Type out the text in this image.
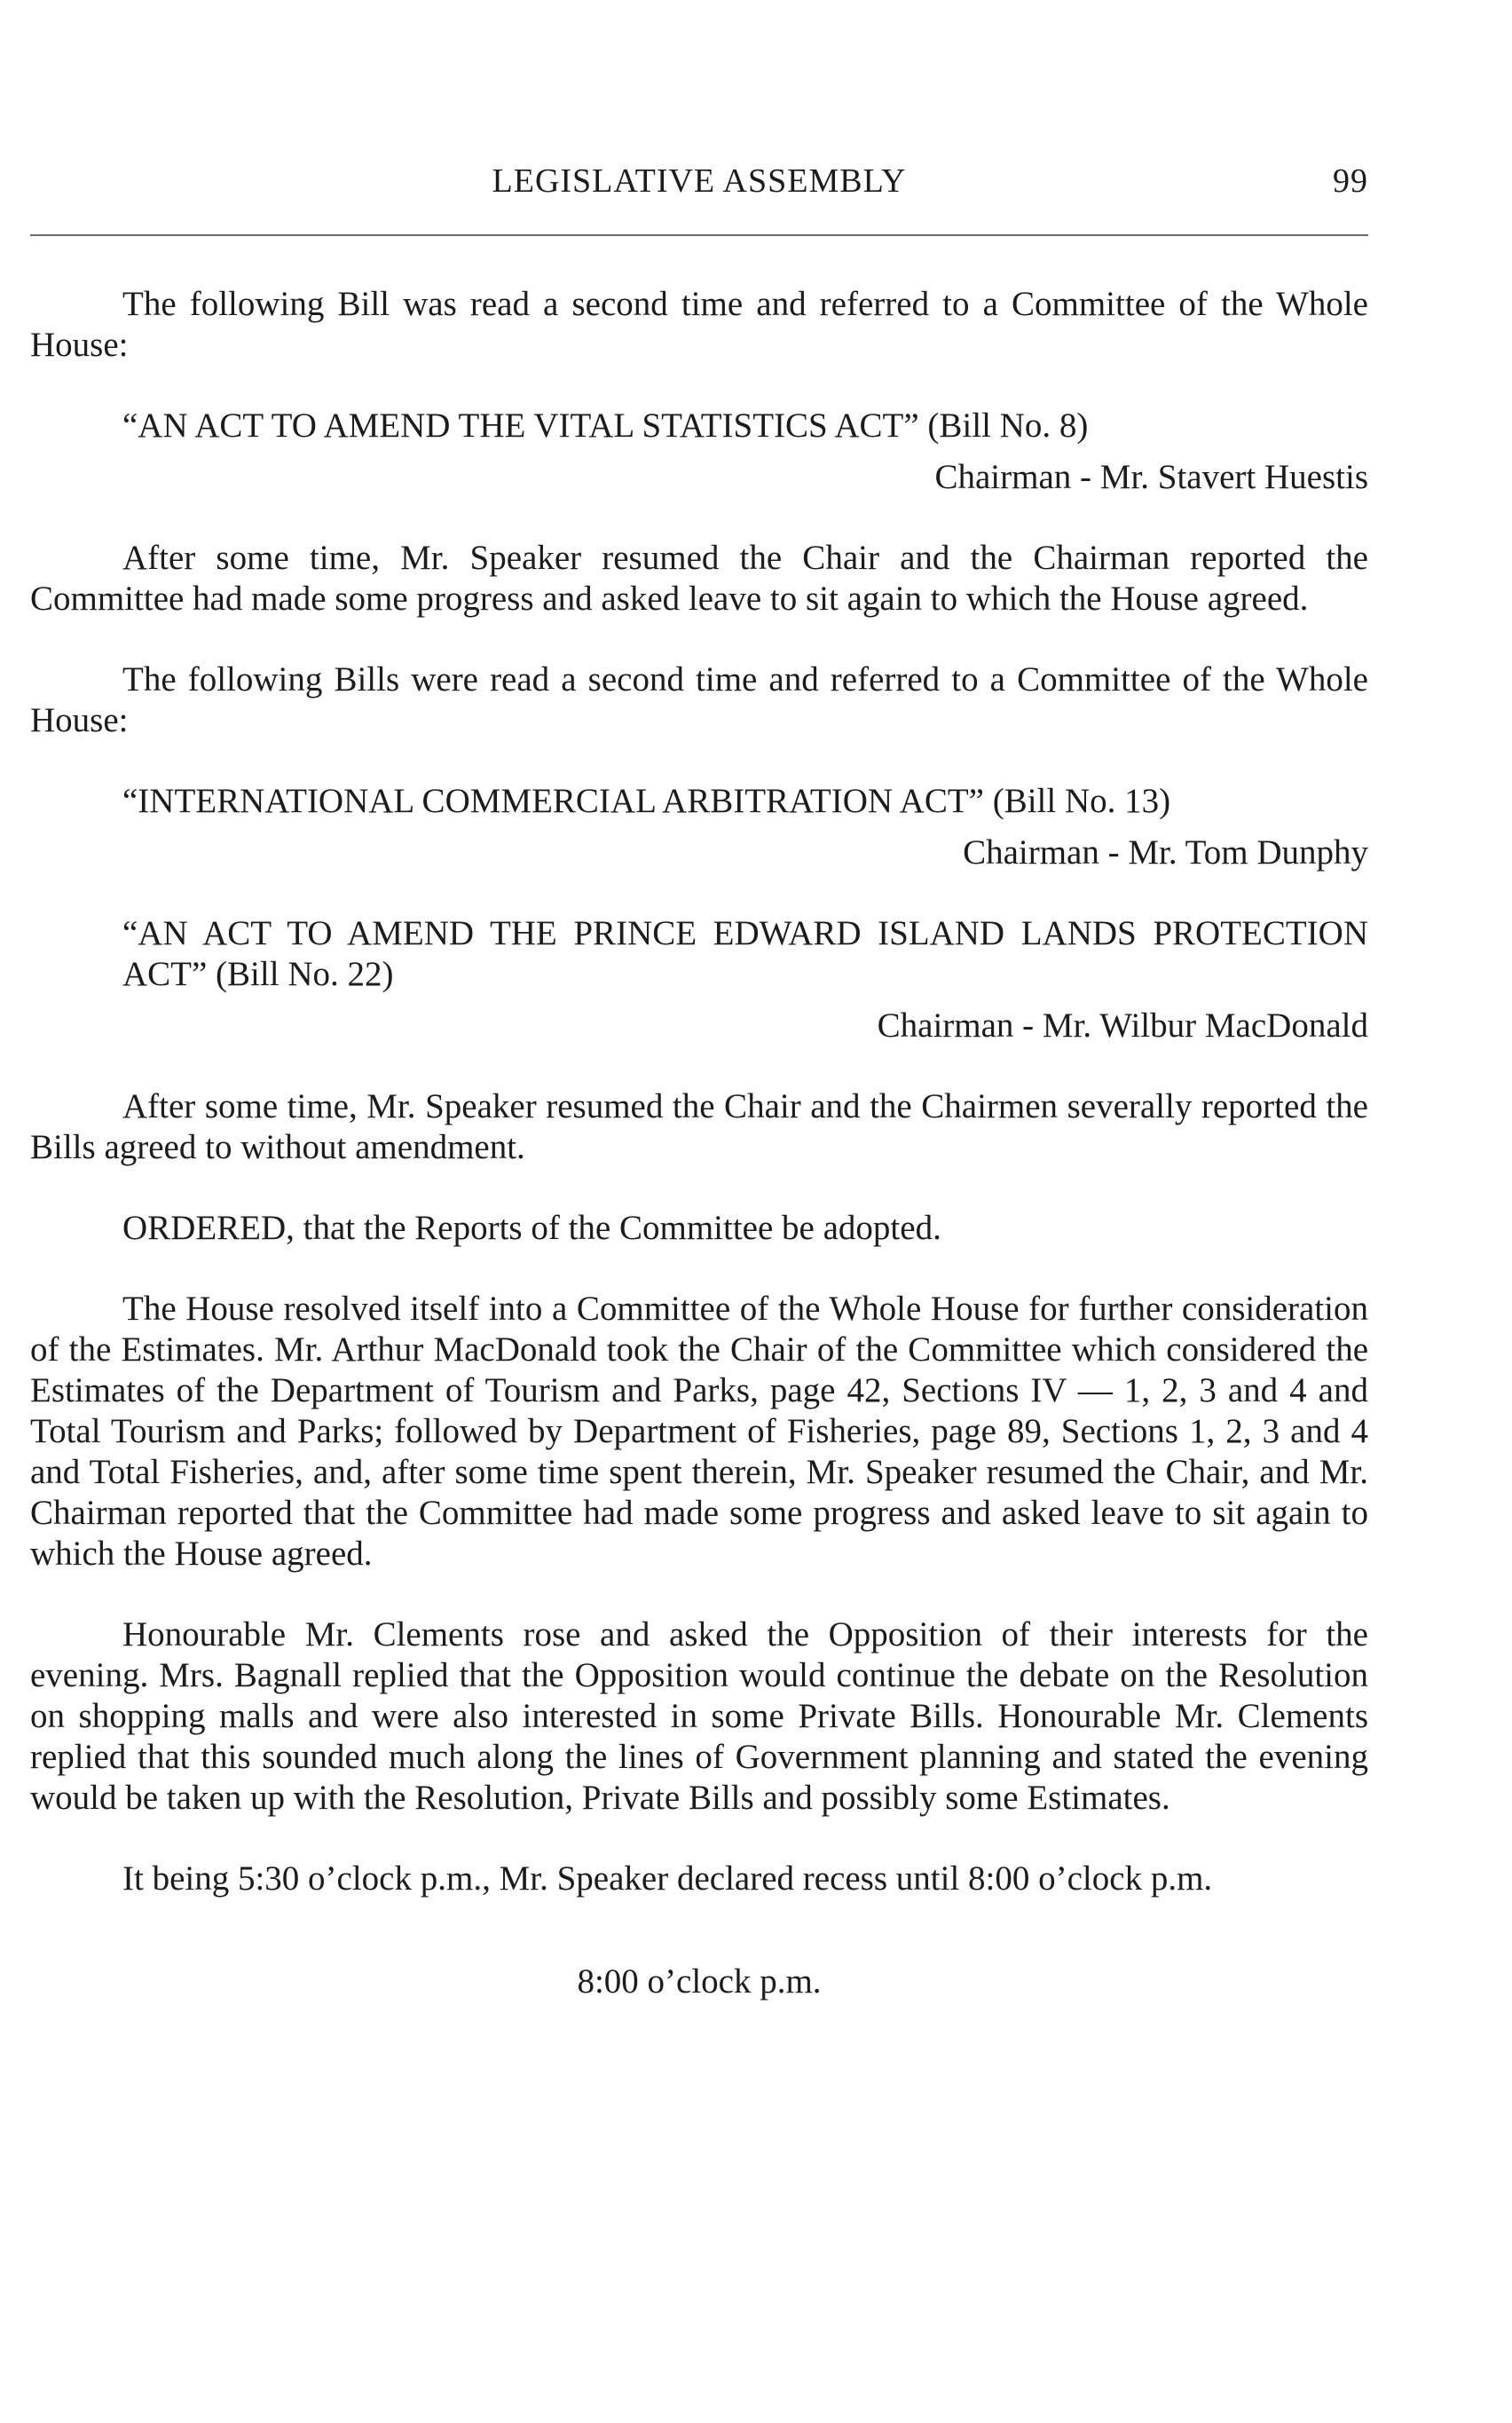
LEGISLATIVE ASSEMBLY	99

The following Bill was read a second time and referred to a Committee of the Whole House:

“AN ACT TO AMEND THE VITAL STATISTICS ACT” (Bill No. 8)

Chairman - Mr. Stavert Huestis

After some time, Mr. Speaker resumed the Chair and the Chairman reported the Committee had made some progress and asked leave to sit again to which the House agreed.

The following Bills were read a second time and referred to a Committee of the Whole House:

“INTERNATIONAL COMMERCIAL ARBITRATION ACT” (Bill No. 13)

Chairman - Mr. Tom Dunphy

“AN ACT TO AMEND THE PRINCE EDWARD ISLAND LANDS PROTECTION ACT” (Bill No. 22)

Chairman - Mr. Wilbur MacDonald

After some time, Mr. Speaker resumed the Chair and the Chairmen severally reported the Bills agreed to without amendment.

ORDERED, that the Reports of the Committee be adopted.

The House resolved itself into a Committee of the Whole House for further consideration of the Estimates. Mr. Arthur MacDonald took the Chair of the Committee which considered the Estimates of the Department of Tourism and Parks, page 42, Sections IV — 1, 2, 3 and 4 and Total Tourism and Parks; followed by Department of Fisheries, page 89, Sections 1, 2, 3 and 4 and Total Fisheries, and, after some time spent therein, Mr. Speaker resumed the Chair, and Mr. Chairman reported that the Committee had made some progress and asked leave to sit again to which the House agreed.

Honourable Mr. Clements rose and asked the Opposition of their interests for the evening. Mrs. Bagnall replied that the Opposition would continue the debate on the Resolution on shopping malls and were also interested in some Private Bills. Honourable Mr. Clements replied that this sounded much along the lines of Government planning and stated the evening would be taken up with the Resolution, Private Bills and possibly some Estimates.

It being 5:30 o’clock p.m., Mr. Speaker declared recess until 8:00 o’clock p.m.

8:00 o’clock p.m.
